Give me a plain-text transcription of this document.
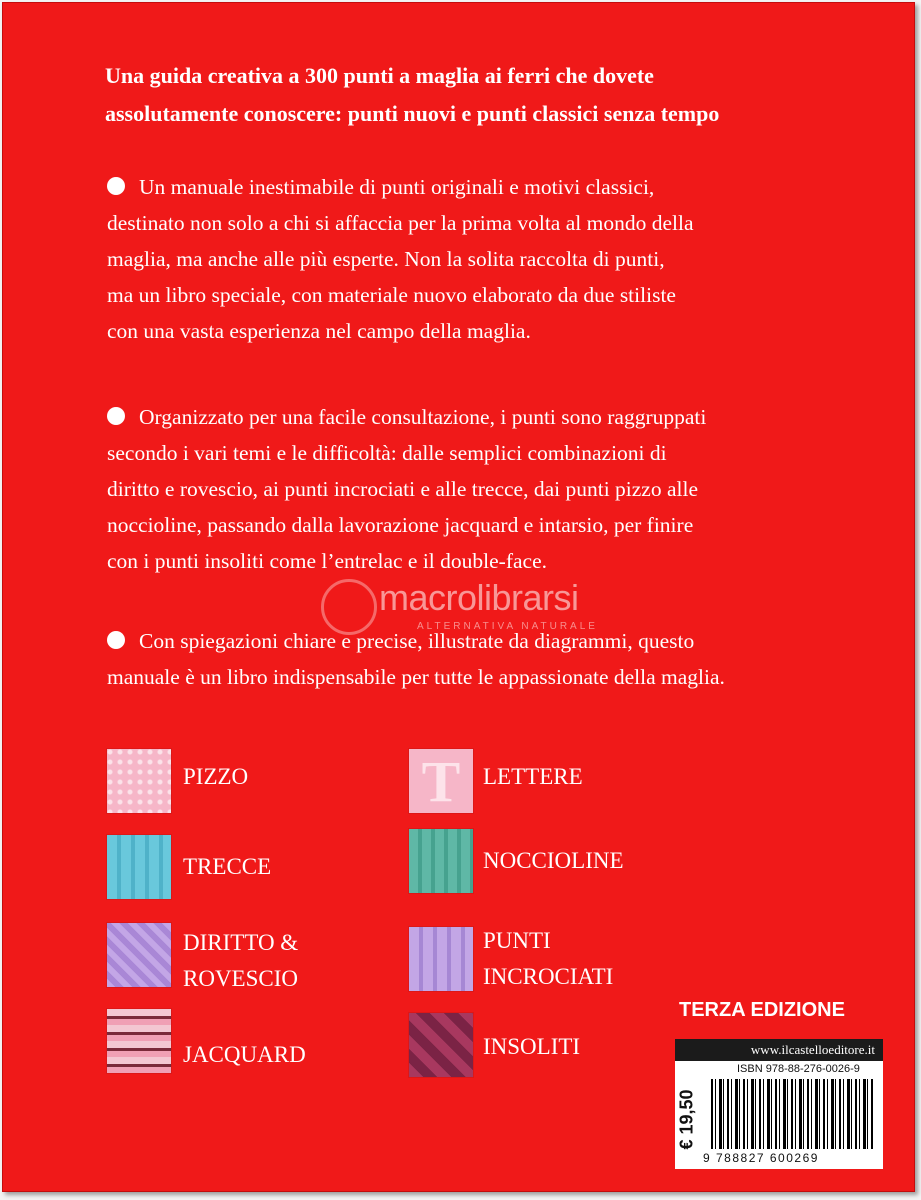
Una guida creativa a 300 punti a maglia ai ferri che dovete
assolutamente conoscere: punti nuovi e punti classici senza tempo
Un manuale inestimabile di punti originali e motivi classici,
destinato non solo a chi si affaccia per la prima volta al mondo della
maglia, ma anche alle più esperte. Non la solita raccolta di punti,
ma un libro speciale, con materiale nuovo elaborato da due stiliste
con una vasta esperienza nel campo della maglia.
Organizzato per una facile consultazione, i punti sono raggruppati
secondo i vari temi e le difficoltà: dalle semplici combinazioni di
diritto e rovescio, ai punti incrociati e alle trecce, dai punti pizzo alle
noccioline, passando dalla lavorazione jacquard e intarsio, per finire
con i punti insoliti come l’entrelac e il double-face.
macrolibrarsi
ALTERNATIVA NATURALE
Con spiegazioni chiare e precise, illustrate da diagrammi, questo
manuale è un libro indispensabile per tutte le appassionate della maglia.
PIZZO
TRECCE
DIRITTO &
ROVESCIO
JACQUARD
T LETTERE
NOCCIOLINE
PUNTI
INCROCIATI
INSOLITI
TERZA EDIZIONE
www.ilcastelloeditore.it
ISBN 978-88-276-0026-9
€ 19,50
9 788827 600269
